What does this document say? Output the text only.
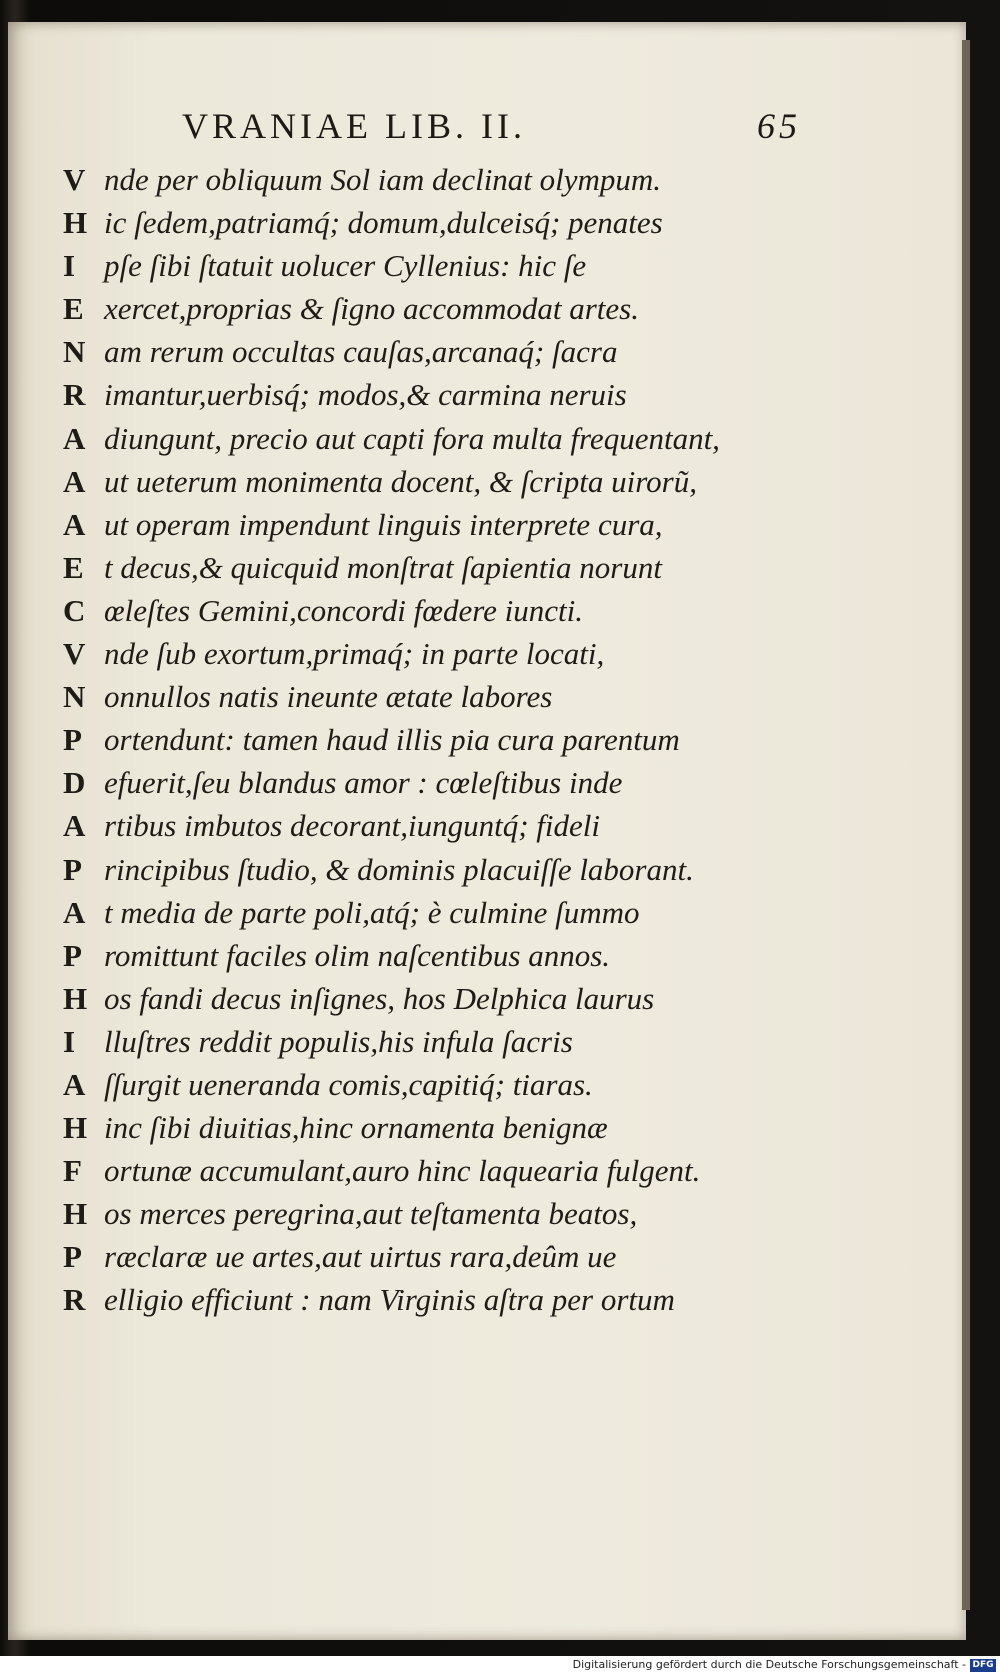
VRANIAE LIB. II.	65
V nde per obliquum Sol iam declinat olympum.
H ic ſedem,patriamq́; domum,dulceisq́; penates
I pſe ſibi ſtatuit uolucer Cyllenius: hic ſe
E xercet,proprias & ſigno accommodat artes.
N am rerum occultas cauſas,arcanaq́; ſacra
R imantur,uerbisq́; modos,& carmina neruis
A diungunt, precio aut capti fora multa frequentant,
A ut ueterum monimenta docent, & ſcripta uirorũ,
A ut operam impendunt linguis interprete cura,
E t decus,& quicquid monſtrat ſapientia norunt
C œleſtes Gemini,concordi fœdere iuncti.
V nde ſub exortum,primaq́; in parte locati,
N onnullos natis ineunte ætate labores
P ortendunt: tamen haud illis pia cura parentum
D efuerit,ſeu blandus amor : cœleſtibus inde
A rtibus imbutos decorant,iunguntq́; fideli
P rincipibus ſtudio, & dominis placuiſſe laborant.
A t media de parte poli,atq́; è culmine ſummo
P romittunt faciles olim naſcentibus annos.
H os fandi decus inſignes, hos Delphica laurus
I lluſtres reddit populis,his infula ſacris
A ſſurgit ueneranda comis,capitiq́; tiaras.
H inc ſibi diuitias,hinc ornamenta benignæ
F ortunæ accumulant,auro hinc laquearia fulgent.
H os merces peregrina,aut teſtamenta beatos,
P ræclaræ ue artes,aut uirtus rara,deûm ue
R elligio efficiunt : nam Virginis aſtra per ortum
Digitalisierung gefördert durch die Deutsche Forschungsgemeinschaft - DFG
